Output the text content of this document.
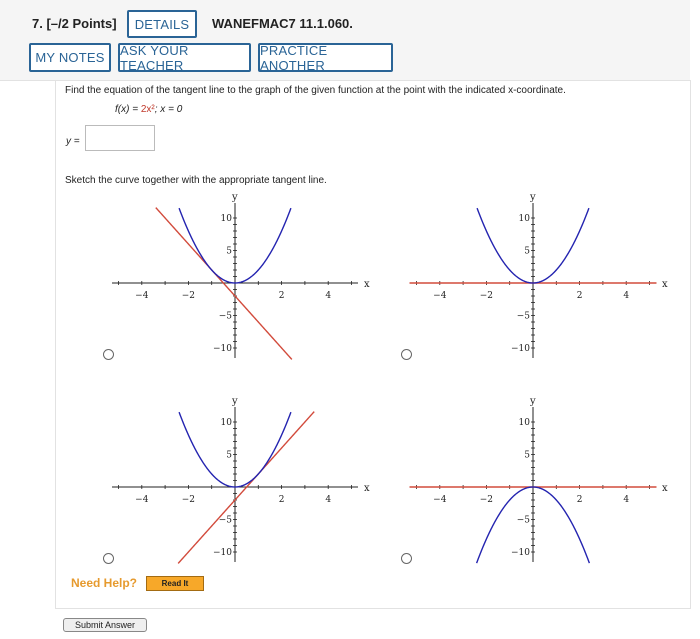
7. [–/2 Points]	DETAILS	WANEFMAC7 11.1.060.
MY NOTES	ASK YOUR TEACHER
PRACTICE ANOTHER
Find the equation of the tangent line to the graph of the given function at the point with the indicated x-coordinate.
f(x) = 2x²; x = 0
y =
Sketch the curve together with the appropriate tangent line.
x
y
−4	−2	2	4
10
5
−5
−10
x
y
−4	−2	2	4
10
5
−5
−10
x
y
−4	−2	2	4
10
5
−5
−10
x
y
−4	−2	2	4
10
5
−5
−10
Need Help?	Read It
Submit Answer
